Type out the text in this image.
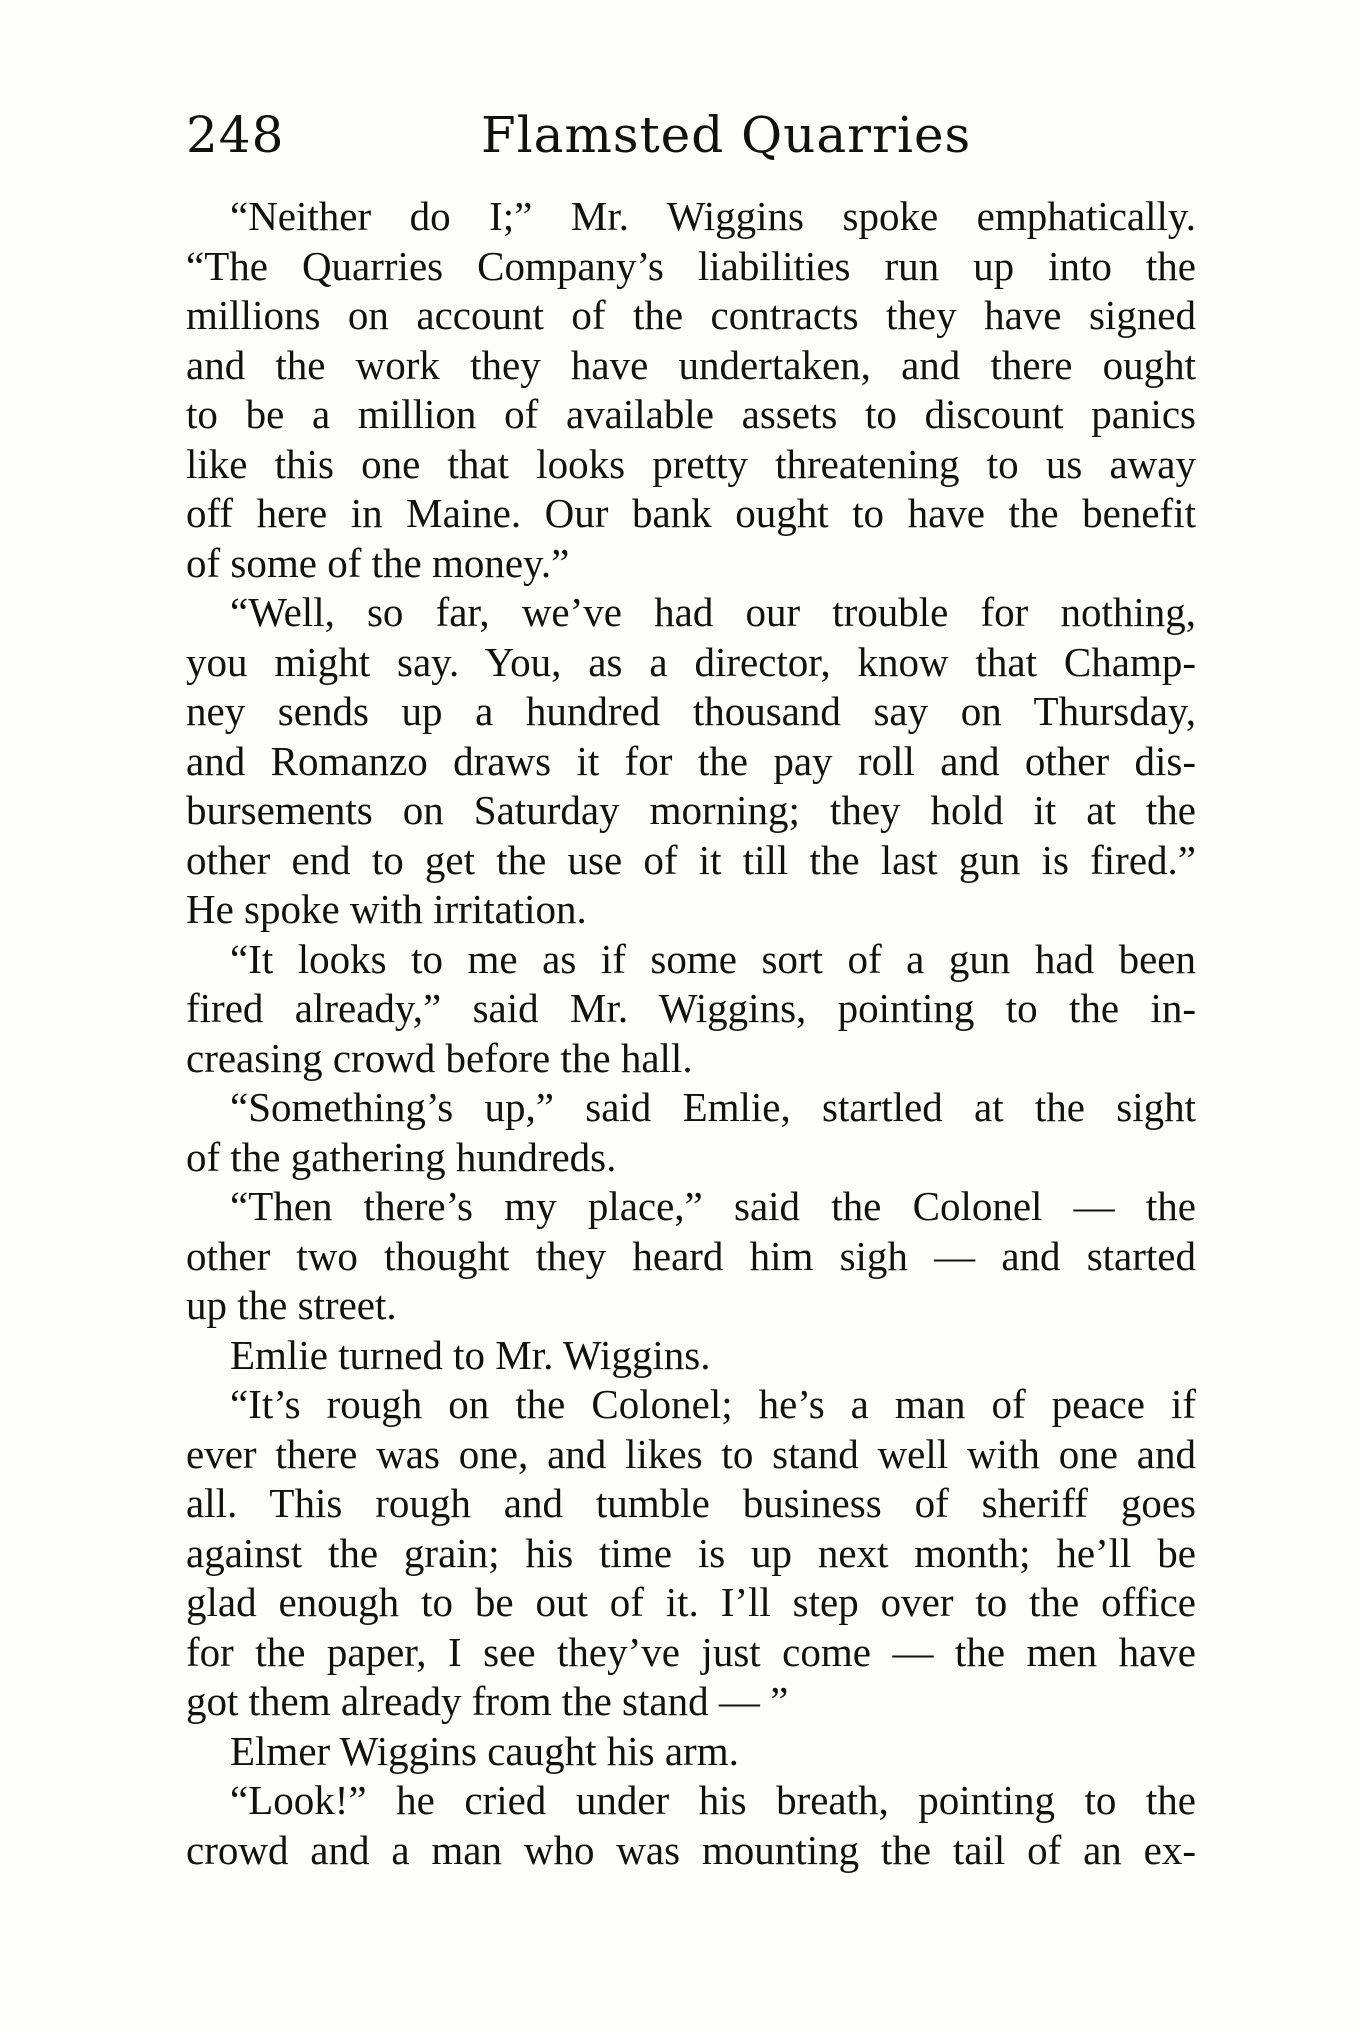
248	Flamsted Quarries
“Neither do I;” Mr. Wiggins spoke emphatically.
“The Quarries Company’s liabilities run up into the
millions on account of the contracts they have signed
and the work they have undertaken, and there ought
to be a million of available assets to discount panics
like this one that looks pretty threatening to us away
off here in Maine. Our bank ought to have the benefit
of some of the money.”
“Well, so far, we’ve had our trouble for nothing,
you might say. You, as a director, know that Champ-
ney sends up a hundred thousand say on Thursday,
and Romanzo draws it for the pay roll and other dis-
bursements on Saturday morning; they hold it at the
other end to get the use of it till the last gun is fired.”
He spoke with irritation.
“It looks to me as if some sort of a gun had been
fired already,” said Mr. Wiggins, pointing to the in-
creasing crowd before the hall.
“Something’s up,” said Emlie, startled at the sight
of the gathering hundreds.
“Then there’s my place,” said the Colonel — the
other two thought they heard him sigh — and started
up the street.
Emlie turned to Mr. Wiggins.
“It’s rough on the Colonel; he’s a man of peace if
ever there was one, and likes to stand well with one and
all. This rough and tumble business of sheriff goes
against the grain; his time is up next month; he’ll be
glad enough to be out of it. I’ll step over to the office
for the paper, I see they’ve just come — the men have
got them already from the stand — ”
Elmer Wiggins caught his arm.
“Look!” he cried under his breath, pointing to the
crowd and a man who was mounting the tail of an ex-
